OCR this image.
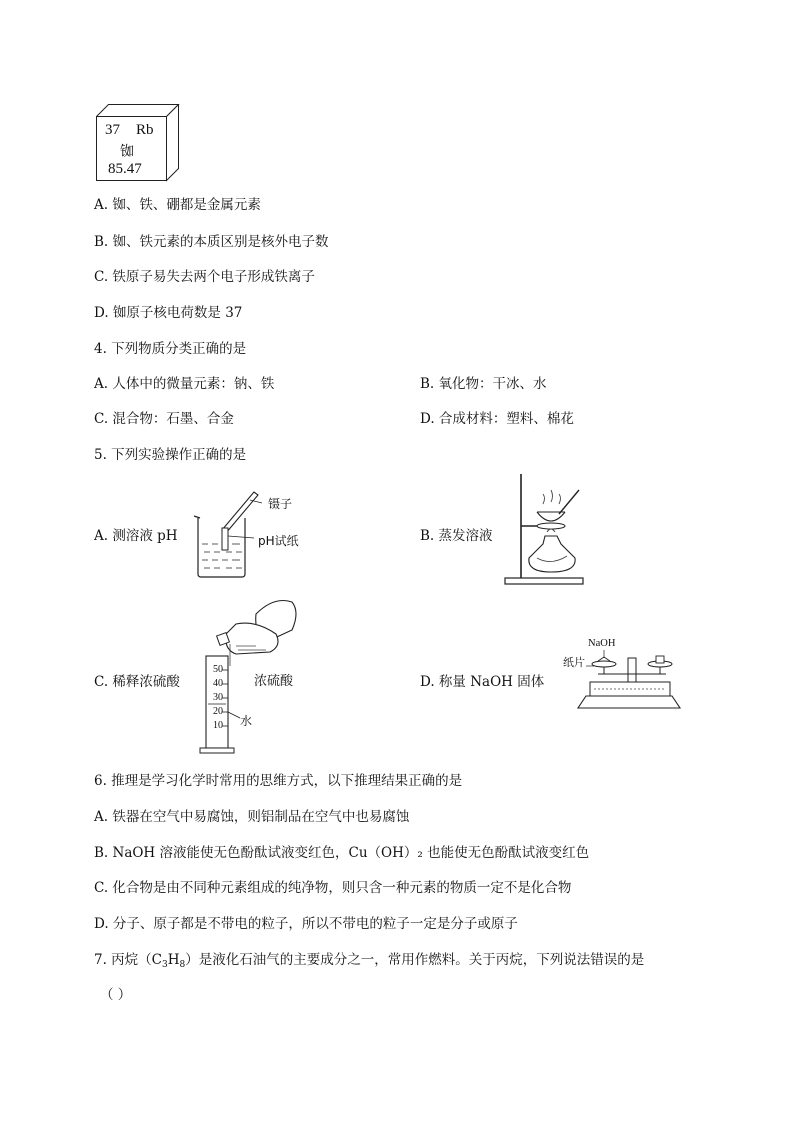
37 Rb
铷
85.47
A. 铷、铁、硼都是金属元素
B. 铷、铁元素的本质区别是核外电子数
C. 铁原子易失去两个电子形成铁离子
D. 铷原子核电荷数是 37
4. 下列物质分类正确的是
A. 人体中的微量元素：钠、铁	B. 氧化物：干冰、水
C. 混合物：石墨、合金	D. 合成材料：塑料、棉花
5. 下列实验操作正确的是
A. 测溶液 pH	B. 蒸发溶液
C. 稀释浓硫酸	D. 称量 NaOH 固体
镊子
pH试纸
50
40
30
20
10
浓硫酸
水
NaOH
纸片
6. 推理是学习化学时常用的思维方式，以下推理结果正确的是
A. 铁器在空气中易腐蚀，则铝制品在空气中也易腐蚀
B. NaOH 溶液能使无色酚酞试液变红色，Cu（OH）₂ 也能使无色酚酞试液变红色
C. 化合物是由不同种元素组成的纯净物，则只含一种元素的物质一定不是化合物
D. 分子、原子都是不带电的粒子，所以不带电的粒子一定是分子或原子
7. 丙烷$(C_3H_8)$是液化石油气的主要成分之一，常用作燃料。关于丙烷，下列说法错误的是
（ ）
